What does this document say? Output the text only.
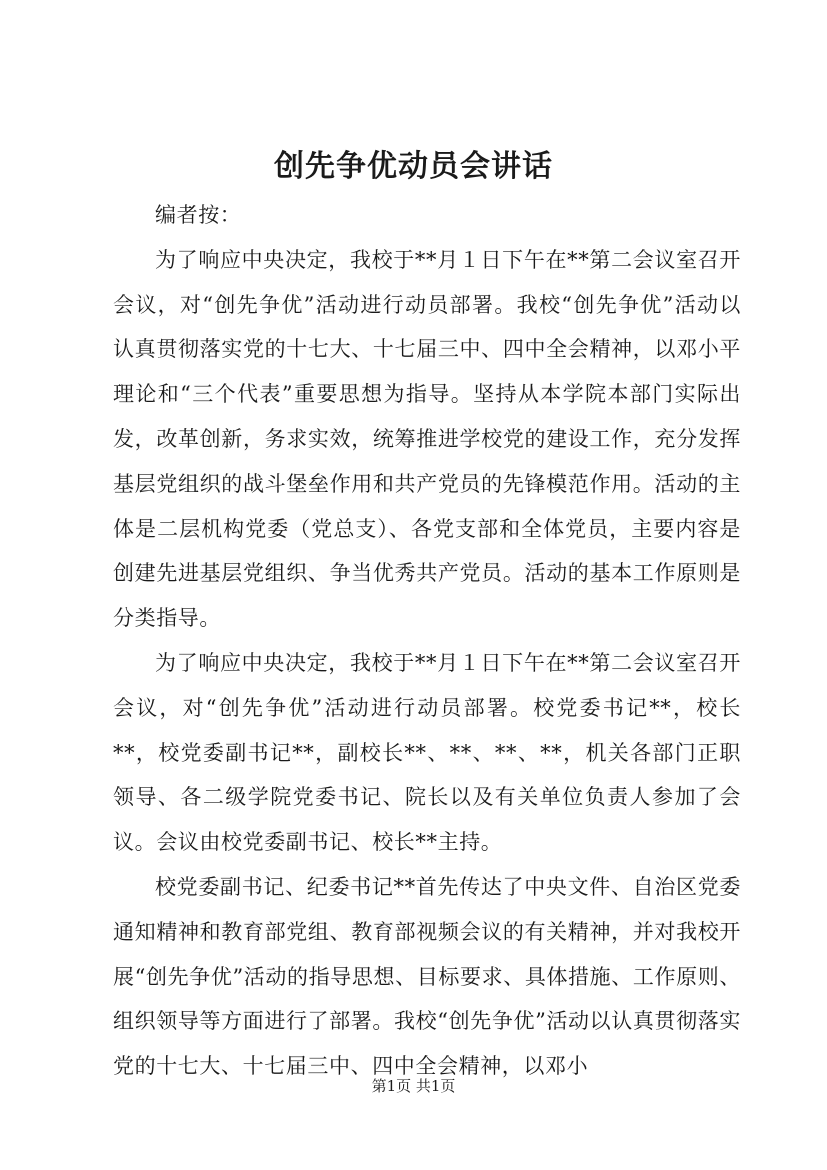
创先争优动员会讲话

编者按：

为了响应中央决定，我校于**月１日下午在**第二会议室召开会议，对“创先争优”活动进行动员部署。我校“创先争优”活动以认真贯彻落实党的十七大、十七届三中、四中全会精神，以邓小平理论和“三个代表”重要思想为指导。坚持从本学院本部门实际出发，改革创新，务求实效，统筹推进学校党的建设工作，充分发挥基层党组织的战斗堡垒作用和共产党员的先锋模范作用。活动的主体是二层机构党委（党总支）、各党支部和全体党员，主要内容是创建先进基层党组织、争当优秀共产党员。活动的基本工作原则是分类指导。

为了响应中央决定，我校于**月１日下午在**第二会议室召开会议，对“创先争优”活动进行动员部署。校党委书记**，校长**，校党委副书记**，副校长**、**、**、**，机关各部门正职领导、各二级学院党委书记、院长以及有关单位负责人参加了会议。会议由校党委副书记、校长**主持。

校党委副书记、纪委书记**首先传达了中央文件、自治区党委通知精神和教育部党组、教育部视频会议的有关精神，并对我校开展“创先争优”活动的指导思想、目标要求、具体措施、工作原则、组织领导等方面进行了部署。我校“创先争优”活动以认真贯彻落实党的十七大、十七届三中、四中全会精神，以邓小

第1页 共1页
